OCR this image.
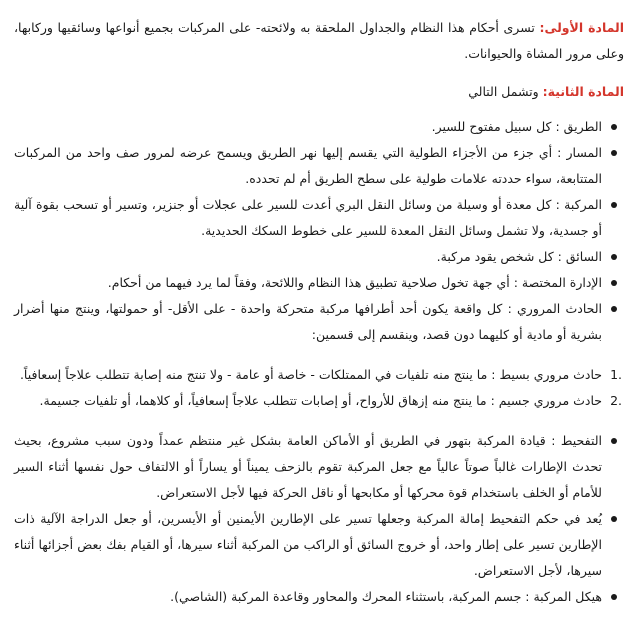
المادة الأولى: تسرى أحكام هذا النظام والجداول الملحقة به ولائحته- على المركبات بجميع أنواعها وسائقيها وركابها، وعلى مرور المشاة والحيوانات.

المادة الثانية: وتشمل التالي

الطريق : كل سبيل مفتوح للسير.
المسار : أي جزء من الأجزاء الطولية التي يقسم إليها نهر الطريق ويسمح عرضه لمرور صف واحد من المركبات المتتابعة، سواء حددته علامات طولية على سطح الطريق أم لم تحدده.
المركبة : كل معدة أو وسيلة من وسائل النقل البري أعدت للسير على عجلات أو جنزير، وتسير أو تسحب بقوة آلية أو جسدية، ولا تشمل وسائل النقل المعدة للسير على خطوط السكك الحديدية.
السائق : كل شخص يقود مركبة.
الإدارة المختصة : أي جهة تخول صلاحية تطبيق هذا النظام واللائحة، وفقاً لما يرد فيهما من أحكام.
الحادث المروري : كل واقعة يكون أحد أطرافها مركبة متحركة واحدة - على الأقل- أو حمولتها، وينتج منها أضرار بشرية أو مادية أو كليهما دون قصد، وينقسم إلى قسمين:
1.
حادث مروري بسيط : ما ينتج منه تلفيات في الممتلكات - خاصة أو عامة - ولا تنتج منه إصابة تتطلب علاجاً إسعافياً.
2.
حادث مروري جسيم : ما ينتج منه إزهاق للأرواح، أو إصابات تتطلب علاجاً إسعافياً، أو كلاهما، أو تلفيات جسيمة.
التفحيط : قيادة المركبة بتهور في الطريق أو الأماكن العامة بشكل غير منتظم عمداً ودون سبب مشروع، بحيث تحدث الإطارات غالباً صوتاً عالياً مع جعل المركبة تقوم بالزحف يميناً أو يساراً أو الالتفاف حول نفسها أثناء السير للأمام أو الخلف باستخدام قوة محركها أو مكابحها أو ناقل الحركة فيها لأجل الاستعراض.
يُعد في حكم التفحيط إمالة المركبة وجعلها تسير على الإطارين الأيمنين أو الأيسرين، أو جعل الدراجة الآلية ذات الإطارين تسير على إطار واحد، أو خروج السائق أو الراكب من المركبة أثناء سيرها، أو القيام بفك بعض أجزائها أثناء سيرها، لأجل الاستعراض.
هيكل المركبة : جسم المركبة، باستثناء المحرك والمحاور وقاعدة المركبة (الشاصي).
